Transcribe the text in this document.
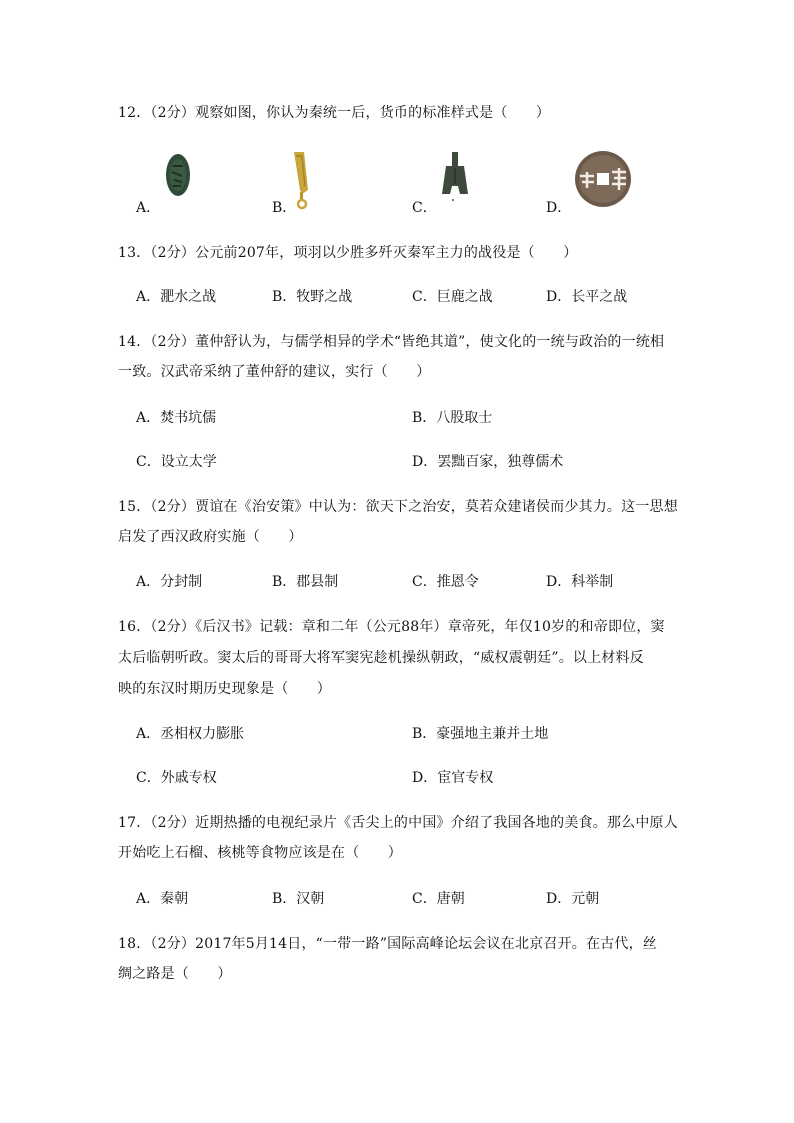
12．（2分）观察如图，你认为秦统一后，货币的标准样式是（　　）
A．	B．	C．	D．
13．（2分）公元前207年，项羽以少胜多歼灭秦军主力的战役是（　　）
A．淝水之战	B．牧野之战	C．巨鹿之战	D．长平之战
14．（2分）董仲舒认为，与儒学相异的学术“皆绝其道”，使文化的一统与政治的一统相
一致。汉武帝采纳了董仲舒的建议，实行（　　）
A．焚书坑儒	B．八股取士
C．设立太学	D．罢黜百家，独尊儒术
15．（2分）贾谊在《治安策》中认为：欲天下之治安，莫若众建诸侯而少其力。这一思想
启发了西汉政府实施（　　）
A．分封制	B．郡县制	C．推恩令	D．科举制
16．（2分）《后汉书》记载：章和二年（公元88年）章帝死，年仅10岁的和帝即位，窦
太后临朝听政。窦太后的哥哥大将军窦宪趁机操纵朝政，“威权震朝廷”。以上材料反
映的东汉时期历史现象是（　　）
A．丞相权力膨胀	B．豪强地主兼并土地
C．外戚专权	D．宦官专权
17．（2分）近期热播的电视纪录片《舌尖上的中国》介绍了我国各地的美食。那么中原人
开始吃上石榴、核桃等食物应该是在（　　）
A．秦朝	B．汉朝	C．唐朝	D．元朝
18．（2分）2017年5月14日，“一带一路”国际高峰论坛会议在北京召开。在古代，丝
绸之路是（　　）
